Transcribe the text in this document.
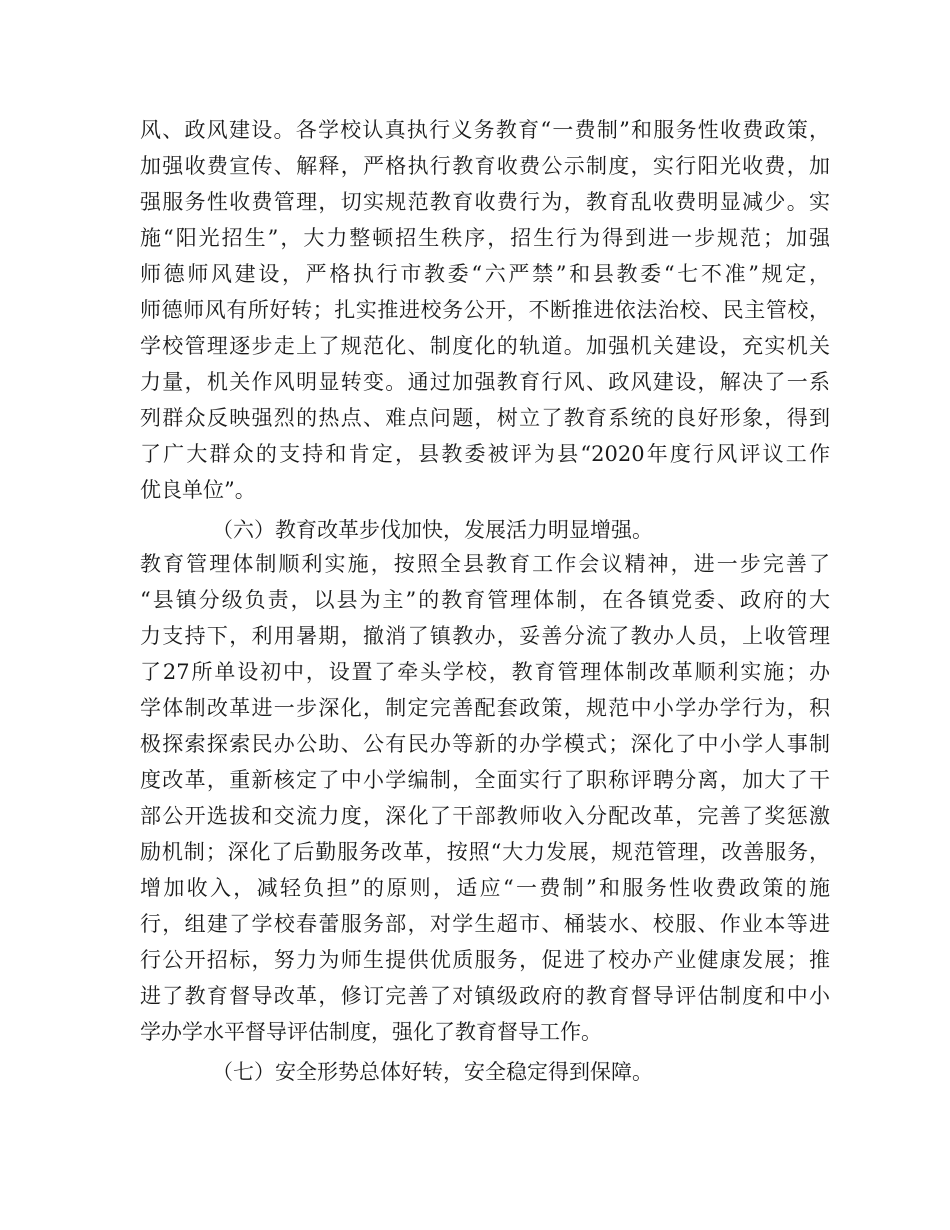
风、政风建设。各学校认真执行义务教育“一费制”和服务性收费政策，
加强收费宣传、解释，严格执行教育收费公示制度，实行阳光收费，加
强服务性收费管理，切实规范教育收费行为，教育乱收费明显减少。实
施“阳光招生”，大力整顿招生秩序，招生行为得到进一步规范；加强
师德师风建设，严格执行市教委“六严禁”和县教委“七不准”规定，
师德师风有所好转；扎实推进校务公开，不断推进依法治校、民主管校，
学校管理逐步走上了规范化、制度化的轨道。加强机关建设，充实机关
力量，机关作风明显转变。通过加强教育行风、政风建设，解决了一系
列群众反映强烈的热点、难点问题，树立了教育系统的良好形象，得到
了广大群众的支持和肯定，县教委被评为县“2020年度行风评议工作
优良单位”。
（六）教育改革步伐加快，发展活力明显增强。
教育管理体制顺利实施，按照全县教育工作会议精神，进一步完善了
“县镇分级负责，以县为主”的教育管理体制，在各镇党委、政府的大
力支持下，利用暑期，撤消了镇教办，妥善分流了教办人员，上收管理
了27所单设初中，设置了牵头学校，教育管理体制改革顺利实施；办
学体制改革进一步深化，制定完善配套政策，规范中小学办学行为，积
极探索探索民办公助、公有民办等新的办学模式；深化了中小学人事制
度改革，重新核定了中小学编制，全面实行了职称评聘分离，加大了干
部公开选拔和交流力度，深化了干部教师收入分配改革，完善了奖惩激
励机制；深化了后勤服务改革，按照“大力发展，规范管理，改善服务，
增加收入，减轻负担”的原则，适应“一费制”和服务性收费政策的施
行，组建了学校春蕾服务部，对学生超市、桶装水、校服、作业本等进
行公开招标，努力为师生提供优质服务，促进了校办产业健康发展；推
进了教育督导改革，修订完善了对镇级政府的教育督导评估制度和中小
学办学水平督导评估制度，强化了教育督导工作。
（七）安全形势总体好转，安全稳定得到保障。
